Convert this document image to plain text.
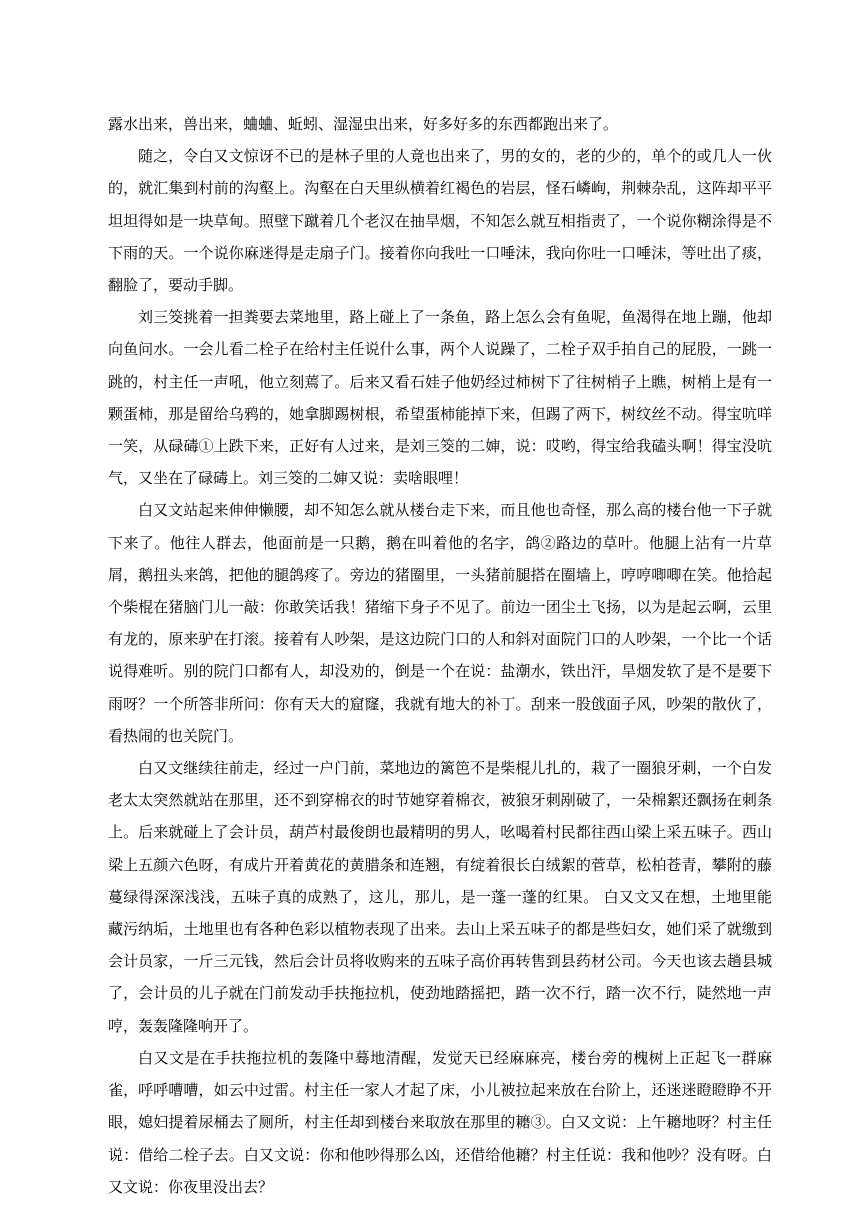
露水出来，兽出来，蛐蛐、蚯蚓、湿湿虫出来，好多好多的东西都跑出来了。

随之，令白又文惊讶不已的是林子里的人竟也出来了，男的女的，老的少的，单个的或几人一伙的，就汇集到村前的沟壑上。沟壑在白天里纵横着红褐色的岩层，怪石嶙峋，荆棘杂乱，这阵却平平坦坦得如是一块草甸。照壁下蹴着几个老汉在抽旱烟，不知怎么就互相指责了，一个说你糊涂得是不下雨的天。一个说你麻迷得是走扇子门。接着你向我吐一口唾沫，我向你吐一口唾沫，等吐出了痰，翻脸了，要动手脚。

刘三筊挑着一担粪要去菜地里，路上碰上了一条鱼，路上怎么会有鱼呢，鱼渴得在地上蹦，他却向鱼问水。一会儿看二栓子在给村主任说什么事，两个人说躁了，二栓子双手拍自己的屁股，一跳一跳的，村主任一声吼，他立刻蔫了。后来又看石娃子他奶经过柿树下了往树梢子上瞧，树梢上是有一颗蛋柿，那是留给乌鸦的，她拿脚踢树根，希望蛋柿能掉下来，但踢了两下，树纹丝不动。得宝吭咩一笑，从碌碡①上跌下来，正好有人过来，是刘三筊的二婶，说：哎哟，得宝给我磕头啊！得宝没吭气，又坐在了碌碡上。刘三筊的二婶又说：卖啥眼哩！

白又文站起来伸伸懒腰，却不知怎么就从楼台走下来，而且他也奇怪，那么高的楼台他一下子就下来了。他往人群去，他面前是一只鹅，鹅在叫着他的名字，鸽②路边的草叶。他腿上沾有一片草屑，鹅扭头来鸽，把他的腿鸽疼了。旁边的猪圈里，一头猪前腿搭在圈墙上，哼哼唧唧在笑。他拾起个柴棍在猪脑门儿一敲：你敢笑话我！猪缩下身子不见了。前边一团尘土飞扬，以为是起云啊，云里有龙的，原来驴在打滚。接着有人吵架，是这边院门口的人和斜对面院门口的人吵架，一个比一个话说得难听。别的院门口都有人，却没劝的，倒是一个在说：盐潮水，铁出汗，旱烟发软了是不是要下雨呀？一个所答非所问：你有天大的窟窿，我就有地大的补丁。刮来一股戗面子风，吵架的散伙了，看热闹的也关院门。

白又文继续往前走，经过一户门前，菜地边的篱笆不是柴棍儿扎的，栽了一圈狼牙刺，一个白发老太太突然就站在那里，还不到穿棉衣的时节她穿着棉衣，被狼牙刺剐破了，一朵棉絮还飘扬在刺条上。后来就碰上了会计员，葫芦村最俊朗也最精明的男人，吆喝着村民都往西山梁上采五味子。西山梁上五颜六色呀，有成片开着黄花的黄腊条和连翘，有绽着很长白绒絮的菅草，松柏苍青，攀附的藤蔓绿得深深浅浅，五味子真的成熟了，这儿，那儿，是一蓬一蓬的红果。 白又文又在想，土地里能藏污纳垢，土地里也有各种色彩以植物表现了出来。去山上采五味子的都是些妇女，她们采了就缴到会计员家，一斤三元钱，然后会计员将收购来的五味子高价再转售到县药材公司。今天也该去趟县城了，会计员的儿子就在门前发动手扶拖拉机，使劲地踏摇把，踏一次不行，踏一次不行，陡然地一声哼，轰轰隆隆响开了。

白又文是在手扶拖拉机的轰隆中蓦地清醒，发觉天已经麻麻亮，楼台旁的槐树上正起飞一群麻雀，呼呼嘈嘈，如云中过雷。村主任一家人才起了床，小儿被拉起来放在台阶上，还迷迷瞪瞪睁不开眼，媳妇提着尿桶去了厕所，村主任却到楼台来取放在那里的耱③。白又文说：上午耱地呀？村主任说：借给二栓子去。白又文说：你和他吵得那么凶，还借给他耱？村主任说：我和他吵？没有呀。白又文说：你夜里没出去？
